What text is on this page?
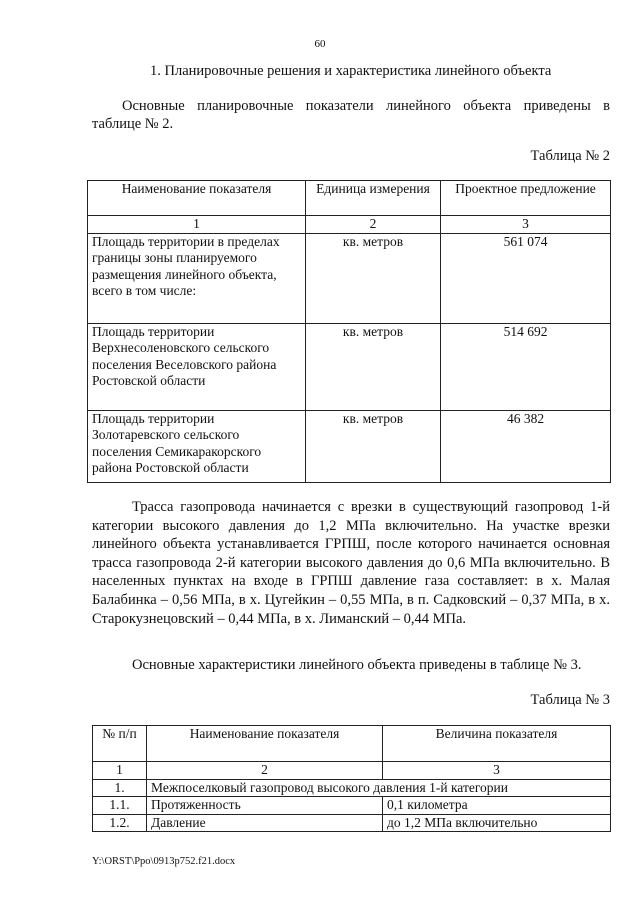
60
1. Планировочные решения и характеристика линейного объекта
Основные планировочные показатели линейного объекта приведены в таблице № 2.
Таблица № 2
Наименование показателя	Единица измерения	Проектное предложение
1	2	3
Площадь территории в пределах границы зоны планируемого размещения линейного объекта, всего в том числе:	кв. метров	561 074
Площадь территории Верхнесоленовского сельского поселения Веселовского района Ростовской области	кв. метров	514 692
Площадь территории Золотаревского сельского поселения Семикаракорского района Ростовской области	кв. метров	46 382
Трасса газопровода начинается с врезки в существующий газопровод 1-й категории высокого давления до 1,2 МПа включительно. На участке врезки линейного объекта устанавливается ГРПШ, после которого начинается основная трасса газопровода 2-й категории высокого давления до 0,6 МПа включительно. В населенных пунктах на входе в ГРПШ давление газа составляет: в х. Малая Балабинка – 0,56 МПа, в х. Цугейкин – 0,55 МПа, в п. Садковский – 0,37 МПа, в х. Старокузнецовский – 0,44 МПа, в х. Лиманский – 0,44 МПа.
Основные характеристики линейного объекта приведены в таблице № 3.
Таблица № 3
№ п/п	Наименование показателя	Величина показателя
1	2	3
1.	Межпоселковый газопровод высокого давления 1-й категории	
1.1.	Протяженность	0,1 километра
1.2.	Давление	до 1,2 МПа включительно
Y:\ORST\Ppo\0913p752.f21.docx
